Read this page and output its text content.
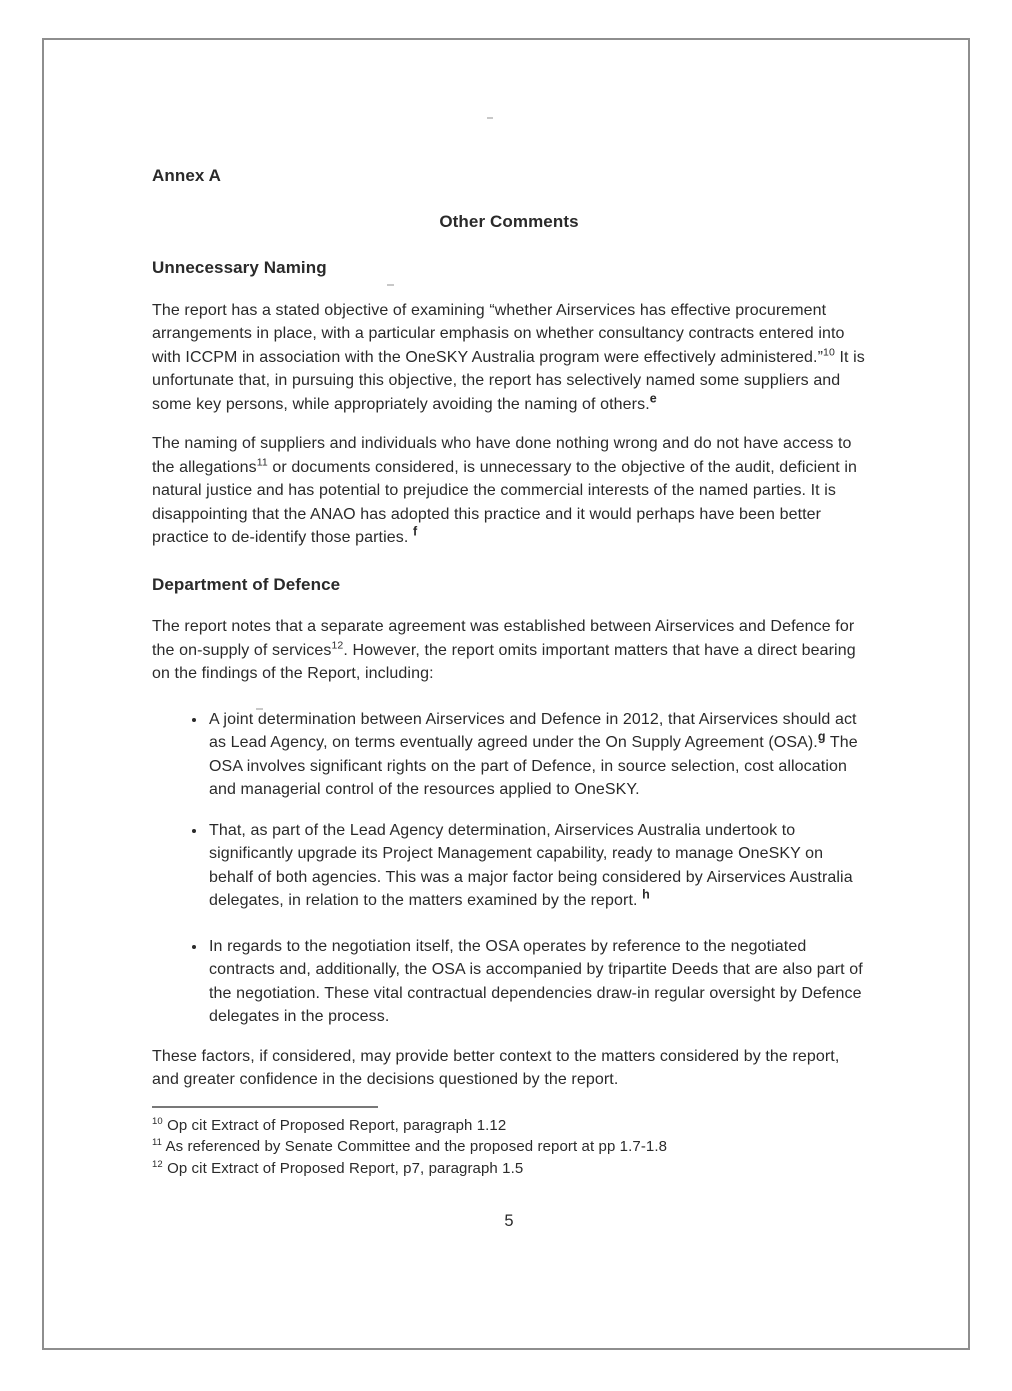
Annex A
Other Comments
Unnecessary Naming

The report has a stated objective of examining “whether Airservices has effective procurement arrangements in place, with a particular emphasis on whether consultancy contracts entered into with ICCPM in association with the OneSKY Australia program were effectively administered.”$^{10}$ It is unfortunate that, in pursuing this objective, the report has selectively named some suppliers and some key persons, while appropriately avoiding the naming of others.$^e$

The naming of suppliers and individuals who have done nothing wrong and do not have access to the allegations$^{11}$ or documents considered, is unnecessary to the objective of the audit, deficient in natural justice and has potential to prejudice the commercial interests of the named parties. It is disappointing that the ANAO has adopted this practice and it would perhaps have been better practice to de-identify those parties. $^f$

Department of Defence

The report notes that a separate agreement was established between Airservices and Defence for the on-supply of services$^{12}$. However, the report omits important matters that have a direct bearing on the findings of the Report, including:

• A joint determination between Airservices and Defence in 2012, that Airservices should act as Lead Agency, on terms eventually agreed under the On Supply Agreement (OSA).$^g$ The OSA involves significant rights on the part of Defence, in source selection, cost allocation and managerial control of the resources applied to OneSKY.
• That, as part of the Lead Agency determination, Airservices Australia undertook to significantly upgrade its Project Management capability, ready to manage OneSKY on behalf of both agencies. This was a major factor being considered by Airservices Australia delegates, in relation to the matters examined by the report. $^h$
• In regards to the negotiation itself, the OSA operates by reference to the negotiated contracts and, additionally, the OSA is accompanied by tripartite Deeds that are also part of the negotiation. These vital contractual dependencies draw-in regular oversight by Defence delegates in the process.

These factors, if considered, may provide better context to the matters considered by the report, and greater confidence in the decisions questioned by the report.

$^{10}$ Op cit Extract of Proposed Report, paragraph 1.12
$^{11}$ As referenced by Senate Committee and the proposed report at pp 1.7-1.8
$^{12}$ Op cit Extract of Proposed Report, p7, paragraph 1.5
5
